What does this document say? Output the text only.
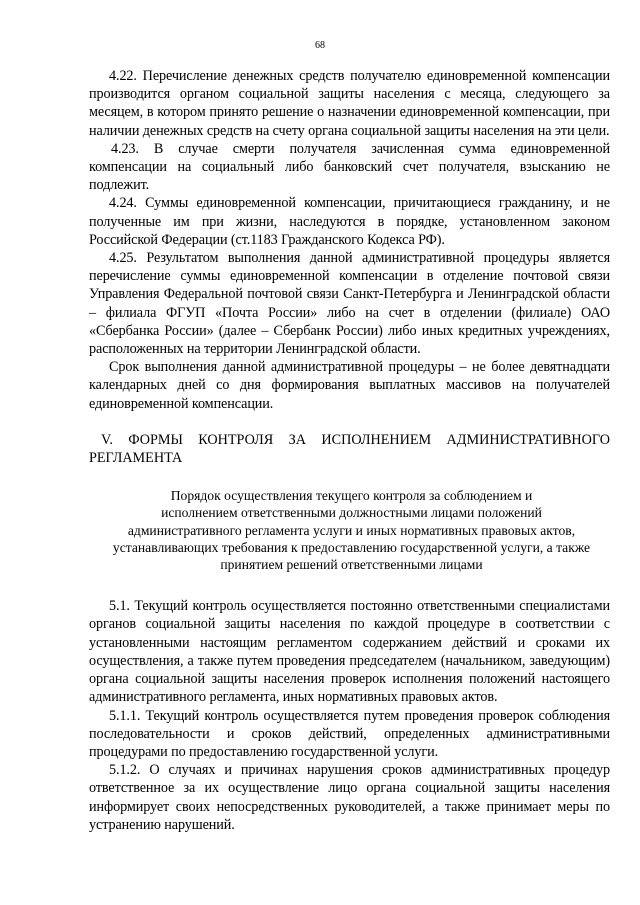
68

4.22. Перечисление денежных средств получателю единовременной компенсации производится органом социальной защиты населения с месяца, следующего за месяцем, в котором принято решение о назначении единовременной компенсации, при наличии денежных средств на счету органа социальной защиты населения на эти цели.

4.23. В случае смерти получателя зачисленная сумма единовременной компенсации на социальный либо банковский счет получателя, взысканию не подлежит.

4.24. Суммы единовременной компенсации, причитающиеся гражданину, и не полученные им при жизни, наследуются в порядке, установленном законом Российской Федерации (ст.1183 Гражданского Кодекса РФ).

4.25. Результатом выполнения данной административной процедуры является перечисление суммы единовременной компенсации в отделение почтовой связи Управления Федеральной почтовой связи Санкт-Петербурга и Ленинградской области – филиала ФГУП «Почта России» либо на счет в отделении (филиале) ОАО «Сбербанка России» (далее – Сбербанк России) либо иных кредитных учреждениях, расположенных на территории Ленинградской области.

Срок выполнения данной административной процедуры – не более девятнадцати календарных дней со дня формирования выплатных массивов на получателей единовременной компенсации.

V. ФОРМЫ КОНТРОЛЯ ЗА ИСПОЛНЕНИЕМ АДМИНИСТРАТИВНОГО РЕГЛАМЕНТА

Порядок осуществления текущего контроля за соблюдением и
исполнением ответственными должностными лицами положений
административного регламента услуги и иных нормативных правовых актов,
устанавливающих требования к предоставлению государственной услуги, а также
принятием решений ответственными лицами

5.1. Текущий контроль осуществляется постоянно ответственными специалистами органов социальной защиты населения по каждой процедуре в соответствии с установленными настоящим регламентом содержанием действий и сроками их осуществления, а также путем проведения председателем (начальником, заведующим) органа социальной защиты населения проверок исполнения положений настоящего административного регламента, иных нормативных правовых актов.

5.1.1. Текущий контроль осуществляется путем проведения проверок соблюдения последовательности и сроков действий, определенных административными процедурами по предоставлению государственной услуги.

5.1.2. О случаях и причинах нарушения сроков административных процедур ответственное за их осуществление лицо органа социальной защиты населения информирует своих непосредственных руководителей, а также принимает меры по устранению нарушений.
